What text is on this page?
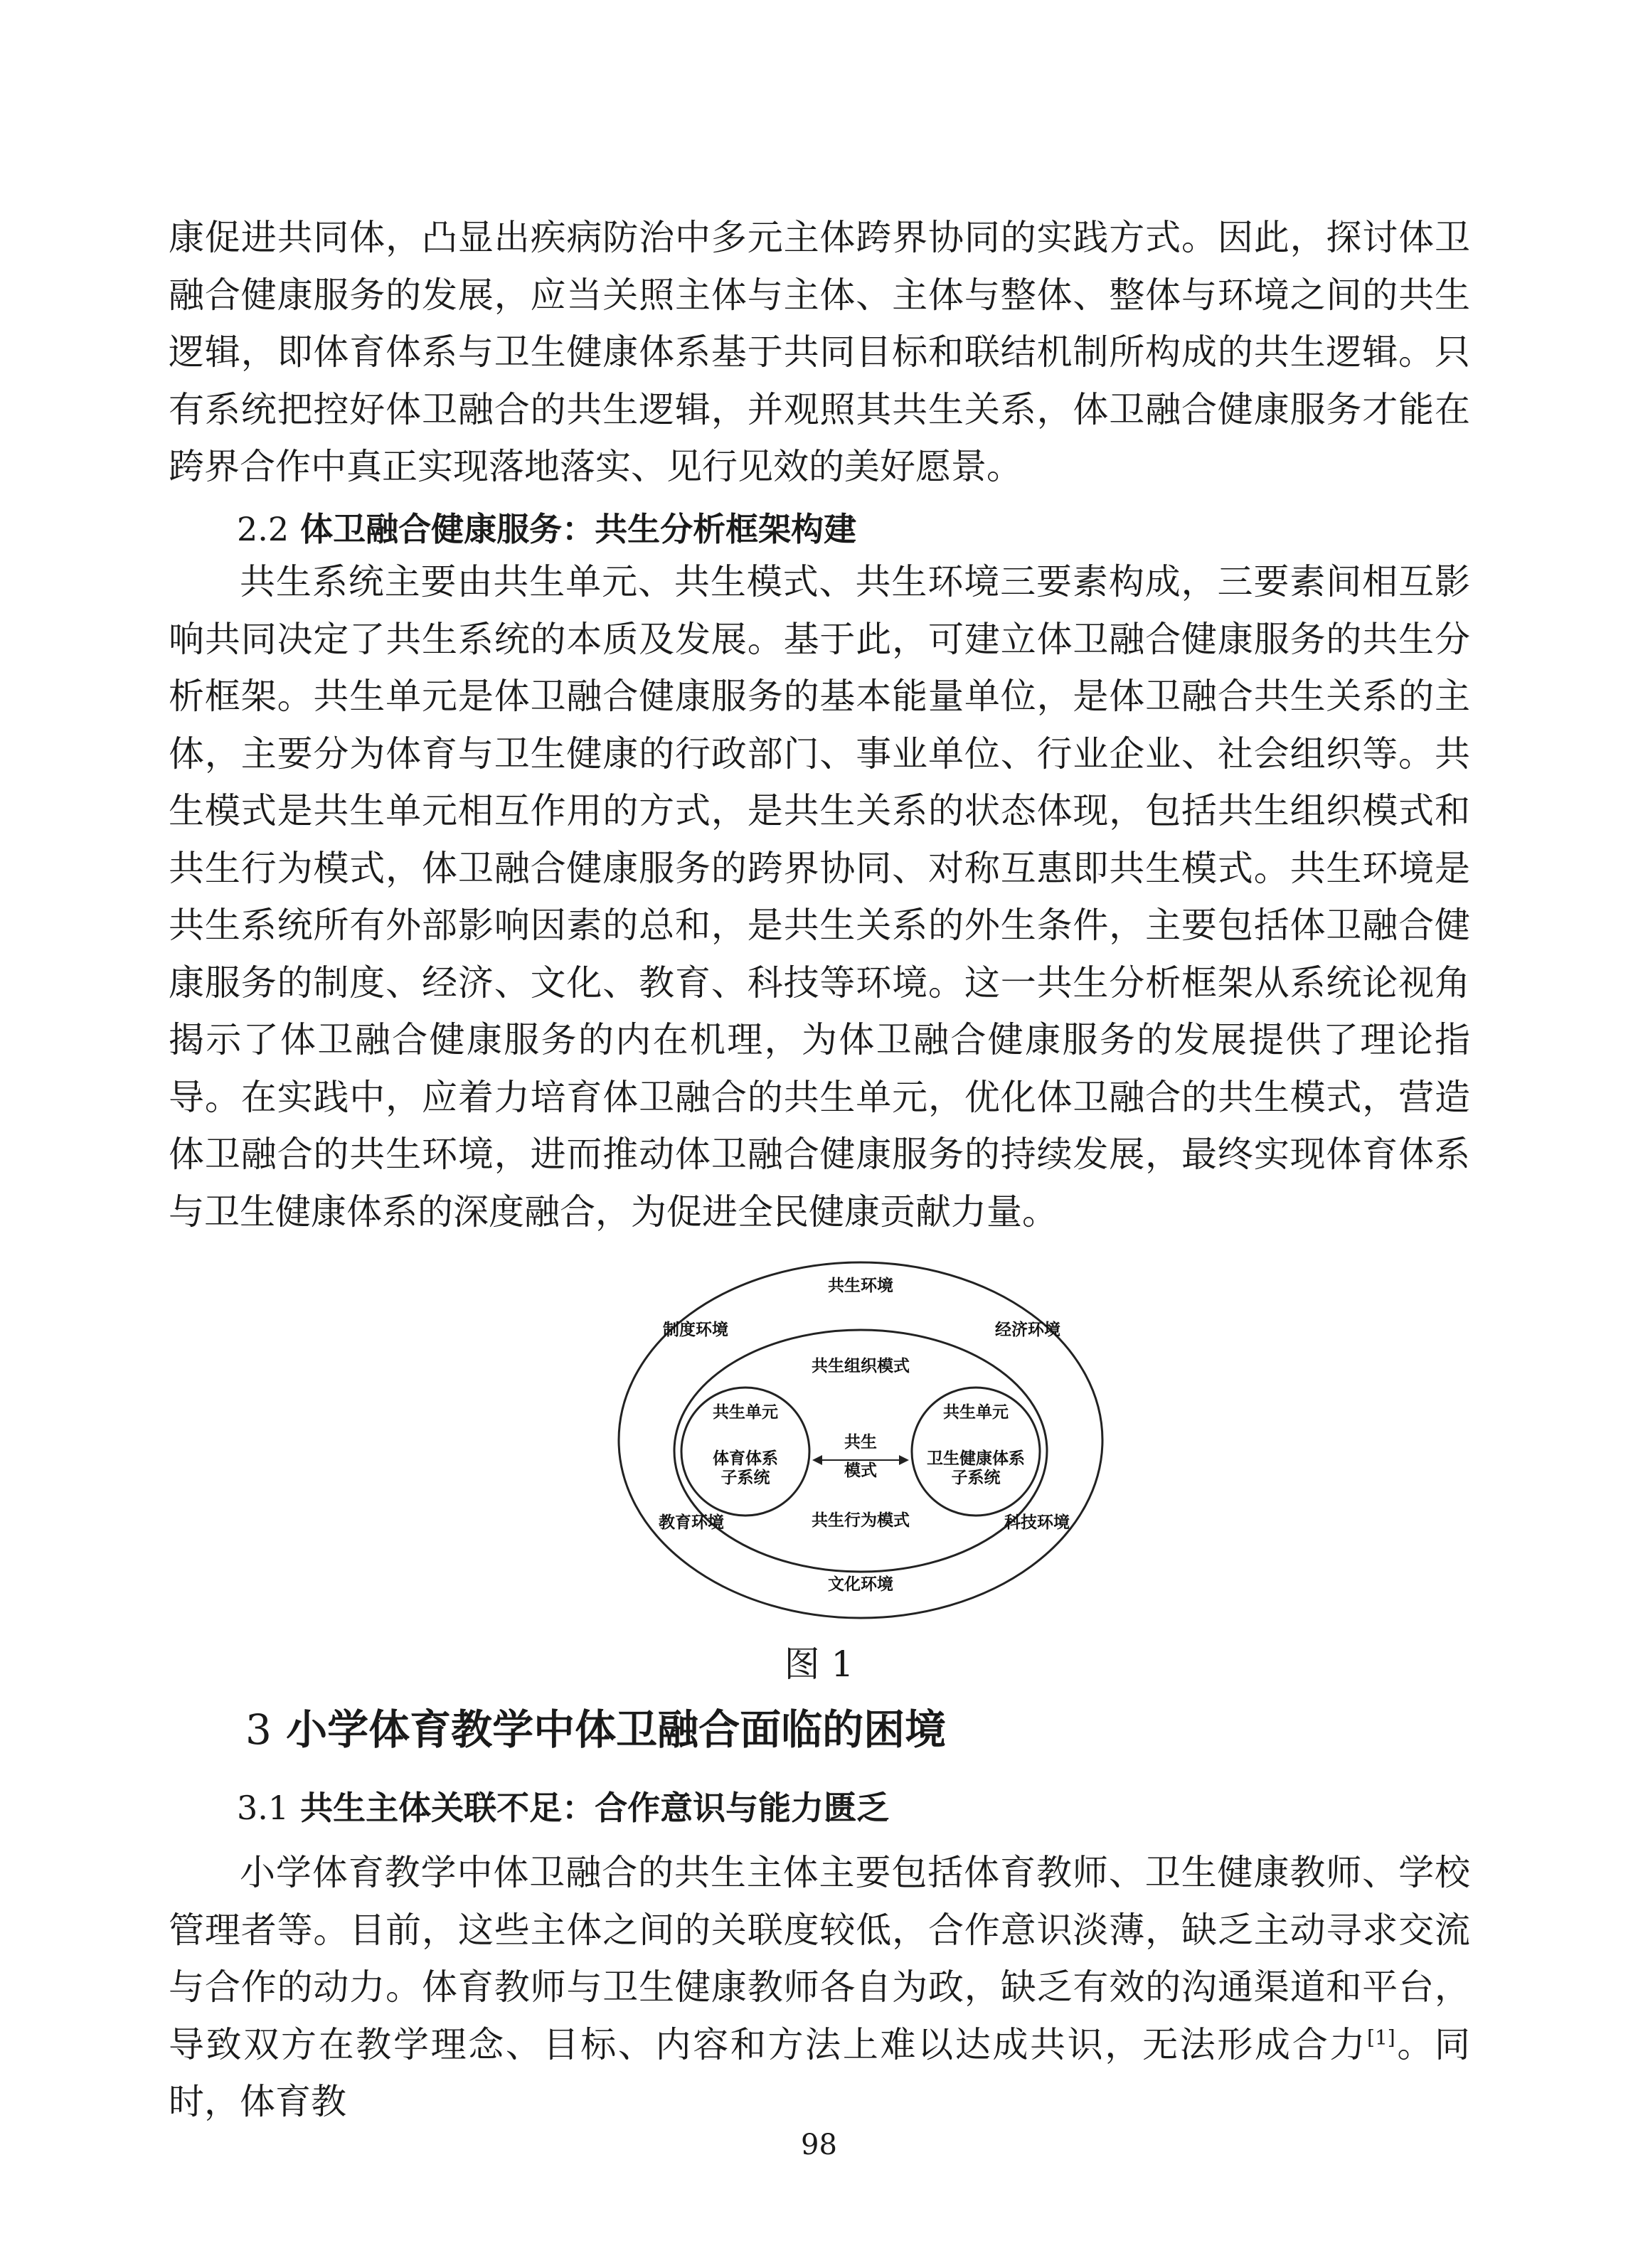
康促进共同体，凸显出疾病防治中多元主体跨界协同的实践方式。因此，探讨体卫融合健康服务的发展，应当关照主体与主体、主体与整体、整体与环境之间的共生逻辑，即体育体系与卫生健康体系基于共同目标和联结机制所构成的共生逻辑。只有系统把控好体卫融合的共生逻辑，并观照其共生关系，体卫融合健康服务才能在跨界合作中真正实现落地落实、见行见效的美好愿景。

2.2 体卫融合健康服务：共生分析框架构建

共生系统主要由共生单元、共生模式、共生环境三要素构成，三要素间相互影响共同决定了共生系统的本质及发展。基于此，可建立体卫融合健康服务的共生分析框架。共生单元是体卫融合健康服务的基本能量单位，是体卫融合共生关系的主体，主要分为体育与卫生健康的行政部门、事业单位、行业企业、社会组织等。共生模式是共生单元相互作用的方式，是共生关系的状态体现，包括共生组织模式和共生行为模式，体卫融合健康服务的跨界协同、对称互惠即共生模式。共生环境是共生系统所有外部影响因素的总和，是共生关系的外生条件，主要包括体卫融合健康服务的制度、经济、文化、教育、科技等环境。这一共生分析框架从系统论视角揭示了体卫融合健康服务的内在机理，为体卫融合健康服务的发展提供了理论指导。在实践中，应着力培育体卫融合的共生单元，优化体卫融合的共生模式，营造体卫融合的共生环境，进而推动体卫融合健康服务的持续发展，最终实现体育体系与卫生健康体系的深度融合，为促进全民健康贡献力量。

共生环境
制度环境	经济环境
教育环境	科技环境
文化环境
共生组织模式
共生行为模式
共生
模式
共生单元
体育体系
子系统
共生单元
卫生健康体系
子系统

图 1

3 小学体育教学中体卫融合面临的困境
3.1 共生主体关联不足：合作意识与能力匮乏

小学体育教学中体卫融合的共生主体主要包括体育教师、卫生健康教师、学校管理者等。目前，这些主体之间的关联度较低，合作意识淡薄，缺乏主动寻求交流与合作的动力。体育教师与卫生健康教师各自为政，缺乏有效的沟通渠道和平台，导致双方在教学理念、目标、内容和方法上难以达成共识，无法形成合力[1]。同时，体育教

98
